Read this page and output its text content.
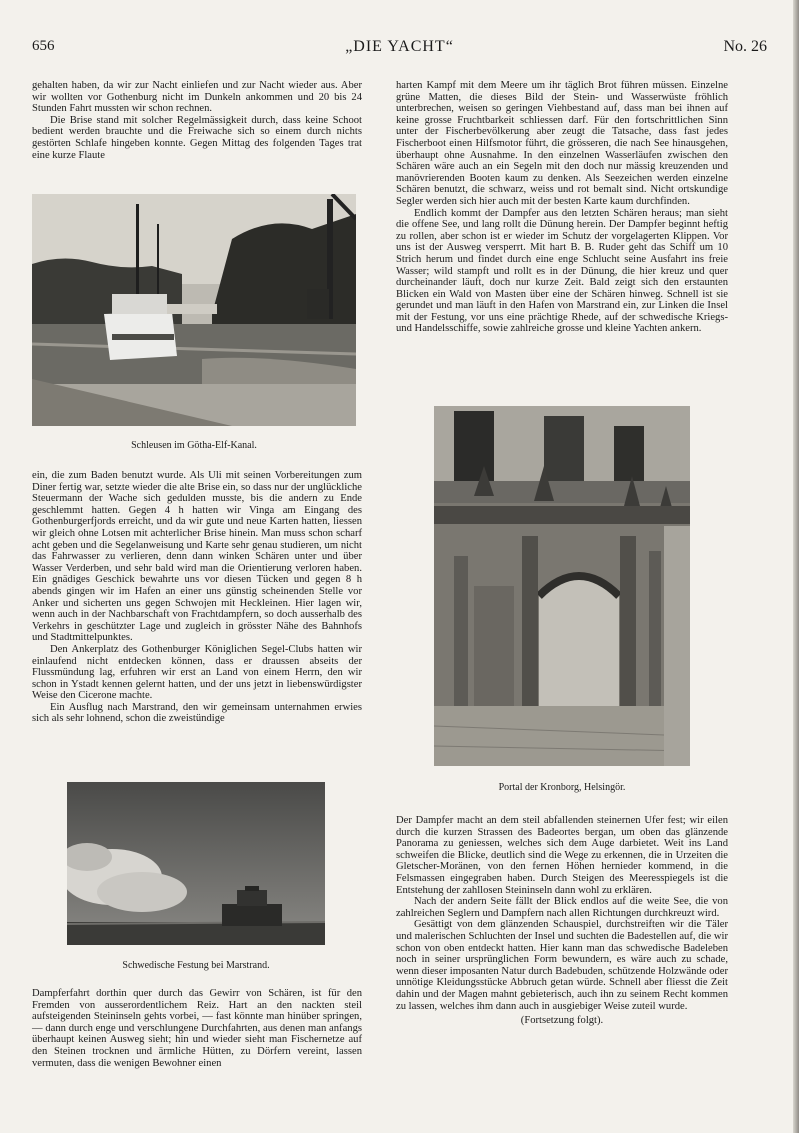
656	„DIE YACHT“	No. 26

gehalten haben, da wir zur Nacht einliefen und zur Nacht wieder aus. Aber wir wollten vor Gothenburg nicht im Dunkeln ankommen und 20 bis 24 Stunden Fahrt mussten wir schon rechnen.

Die Brise stand mit solcher Regelmässigkeit durch, dass keine Schoot bedient werden brauchte und die Freiwache sich so einem durch nichts gestörten Schlafe hingeben konnte. Gegen Mittag des folgenden Tages trat eine kurze Flaute

Schleusen im Götha-Elf-Kanal.

ein, die zum Baden benutzt wurde. Als Uli mit seinen Vorbereitungen zum Diner fertig war, setzte wieder die alte Brise ein, so dass nur der unglückliche Steuermann der Wache sich gedulden musste, bis die andern zu Ende geschlemmt hatten. Gegen 4 h hatten wir Vinga am Eingang des Gothenburgerfjords erreicht, und da wir gute und neue Karten hatten, liessen wir gleich ohne Lotsen mit achterlicher Brise hinein. Man muss schon scharf acht geben und die Segelanweisung und Karte sehr genau studieren, um nicht das Fahrwasser zu verlieren, denn dann winken Schären unter und über Wasser Verderben, und sehr bald wird man die Orientierung verloren haben. Ein gnädiges Geschick bewahrte uns vor diesen Tücken und gegen 8 h abends gingen wir im Hafen an einer uns günstig scheinenden Stelle vor Anker und sicherten uns gegen Schwojen mit Heckleinen. Hier lagen wir, wenn auch in der Nachbarschaft von Frachtdampfern, so doch ausserhalb des Verkehrs in geschützter Lage und zugleich in grösster Nähe des Bahnhofs und Stadtmittelpunktes.

Den Ankerplatz des Gothenburger Königlichen Segel-Clubs hatten wir einlaufend nicht entdecken können, dass er draussen abseits der Flussmündung lag, erfuhren wir erst an Land von einem Herrn, den wir schon in Ystadt kennen gelernt hatten, und der uns jetzt in liebenswürdigster Weise den Cicerone machte.

Ein Ausflug nach Marstrand, den wir gemeinsam unternahmen erwies sich als sehr lohnend, schon die zweistündige

Schwedische Festung bei Marstrand.

Dampferfahrt dorthin quer durch das Gewirr von Schären, ist für den Fremden von ausserordentlichem Reiz. Hart an den nackten steil aufsteigenden Steininseln gehts vorbei, — fast könnte man hinüber springen, — dann durch enge und verschlungene Durchfahrten, aus denen man anfangs überhaupt keinen Ausweg sieht; hin und wieder sieht man Fischernetze auf den Steinen trocknen und ärmliche Hütten, zu Dörfern vereint, lassen vermuten, dass die wenigen Bewohner einen

harten Kampf mit dem Meere um ihr täglich Brot führen müssen. Einzelne grüne Matten, die dieses Bild der Stein- und Wasserwüste fröhlich unterbrechen, weisen so geringen Viehbestand auf, dass man bei ihnen auf keine grosse Fruchtbarkeit schliessen darf. Für den fortschrittlichen Sinn unter der Fischerbevölkerung aber zeugt die Tatsache, dass fast jedes Fischerboot einen Hilfsmotor führt, die grösseren, die nach See hinausgehen, überhaupt ohne Ausnahme. In den einzelnen Wasserläufen zwischen den Schären wäre auch an ein Segeln mit den doch nur mässig kreuzenden und manövrierenden Booten kaum zu denken. Als Seezeichen werden einzelne Schären benutzt, die schwarz, weiss und rot bemalt sind. Nicht ortskundige Segler werden sich hier auch mit der besten Karte kaum durchfinden.

Endlich kommt der Dampfer aus den letzten Schären heraus; man sieht die offene See, und lang rollt die Dünung herein. Der Dampfer beginnt heftig zu rollen, aber schon ist er wieder im Schutz der vorgelagerten Klippen. Vor uns ist der Ausweg versperrt. Mit hart B. B. Ruder geht das Schiff um 10 Strich herum und findet durch eine enge Schlucht seine Ausfahrt ins freie Wasser; wild stampft und rollt es in der Dünung, die hier kreuz und quer durcheinander läuft, doch nur kurze Zeit. Bald zeigt sich den erstaunten Blicken ein Wald von Masten über eine der Schären hinweg. Schnell ist sie gerundet und man läuft in den Hafen von Marstrand ein, zur Linken die Insel mit der Festung, vor uns eine prächtige Rhede, auf der schwedische Kriegs- und Handelsschiffe, sowie zahlreiche grosse und kleine Yachten ankern.

Portal der Kronborg, Helsingör.

Der Dampfer macht an dem steil abfallenden steinernen Ufer fest; wir eilen durch die kurzen Strassen des Badeortes bergan, um oben das glänzende Panorama zu geniessen, welches sich dem Auge darbietet. Weit ins Land schweifen die Blicke, deutlich sind die Wege zu erkennen, die in Urzeiten die Gletscher-Moränen, von den fernen Höhen hernieder kommend, in die Felsmassen eingegraben haben. Durch Steigen des Meeresspiegels ist die Entstehung der zahllosen Steininseln dann wohl zu erklären.

Nach der andern Seite fällt der Blick endlos auf die weite See, die von zahlreichen Seglern und Dampfern nach allen Richtungen durchkreuzt wird.

Gesättigt von dem glänzenden Schauspiel, durchstreiften wir die Täler und malerischen Schluchten der Insel und suchten die Badestellen auf, die wir schon von oben entdeckt hatten. Hier kann man das schwedische Badeleben noch in seiner ursprünglichen Form bewundern, es wäre auch zu schade, wenn dieser imposanten Natur durch Badebuden, schützende Holzwände oder unnötige Kleidungsstücke Abbruch getan würde. Schnell aber fliesst die Zeit dahin und der Magen mahnt gebieterisch, auch ihn zu seinem Recht kommen zu lassen, welches ihm dann auch in ausgiebiger Weise zuteil wurde.

(Fortsetzung folgt).
